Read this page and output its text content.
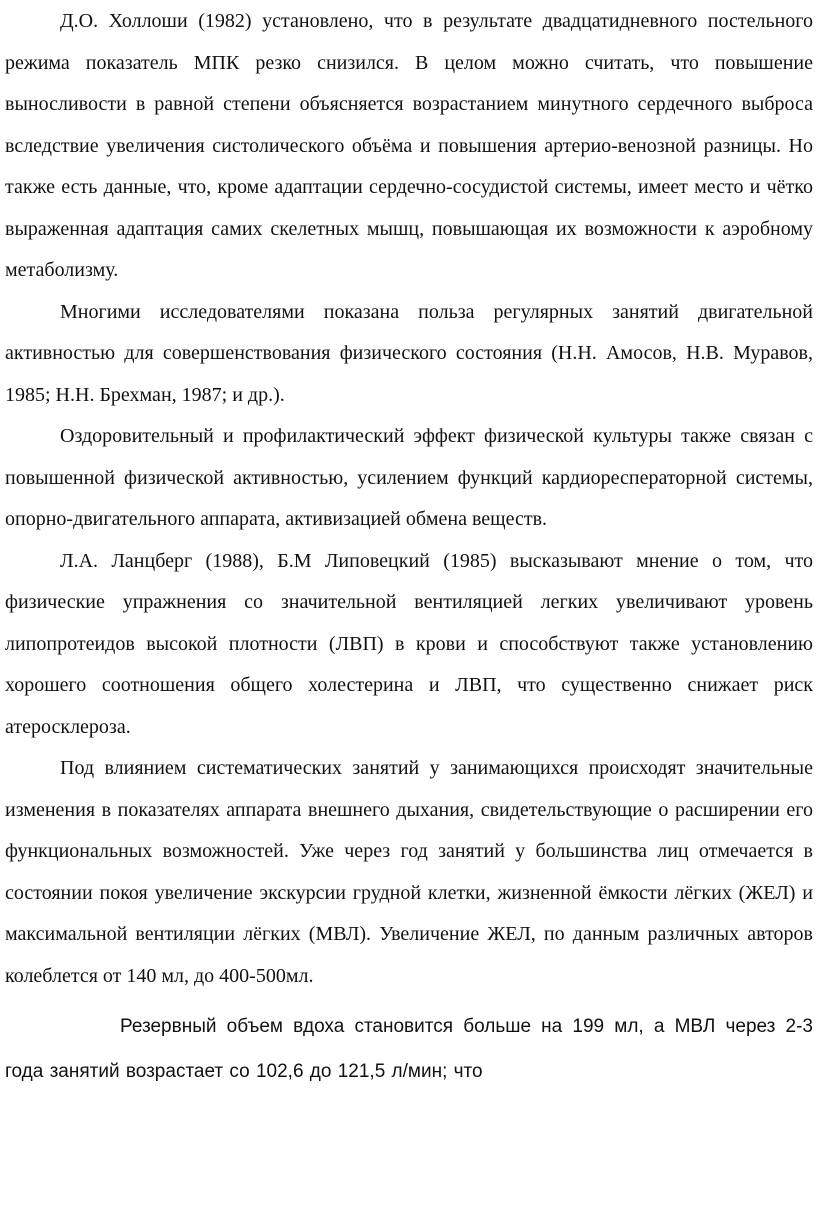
Д.О. Холлоши (1982) установлено, что в результате двадцатидневного постельного режима показатель МПК резко снизился. В целом можно считать, что повышение выносливости в равной степени объясняется возрастанием минутного сердечного выброса вследствие увеличения систолического объёма и повышения артерио-венозной разницы. Но также есть данные, что, кроме адаптации сердечно-сосудистой системы, имеет место и чётко выраженная адаптация самих скелетных мышц, повышающая их возможности к аэробному метаболизму.

Многими исследователями показана польза регулярных занятий двигательной активностью для совершенствования физического состояния (Н.Н. Амосов, Н.В. Муравов, 1985; Н.Н. Брехман, 1987; и др.).

Оздоровительный и профилактический эффект физической культуры также связан с повышенной физической активностью, усилением функций кардиоресператорной системы, опорно-двигательного аппарата, активизацией обмена веществ.

Л.А. Ланцберг (1988), Б.М Липовецкий (1985) высказывают мнение о том, что физические упражнения со значительной вентиляцией легких увеличивают уровень липопротеидов высокой плотности (ЛВП) в крови и способствуют также установлению хорошего соотношения общего холестерина и ЛВП, что существенно снижает риск атеросклероза.

Под влиянием систематических занятий у занимающихся происходят значительные изменения в показателях аппарата внешнего дыхания, свидетельствующие о расширении его функциональных возможностей. Уже через год занятий у большинства лиц отмечается в состоянии покоя увеличение экскурсии грудной клетки, жизненной ёмкости лёгких (ЖЕЛ) и максимальной вентиляции лёгких (МВЛ). Увеличение ЖЕЛ, по данным различных авторов колеблется от 140 мл, до 400-500мл.

Резервный объем вдоха становится больше на 199 мл, а МВЛ через 2-3 года занятий возрастает со 102,6 до 121,5 л/мин; что
